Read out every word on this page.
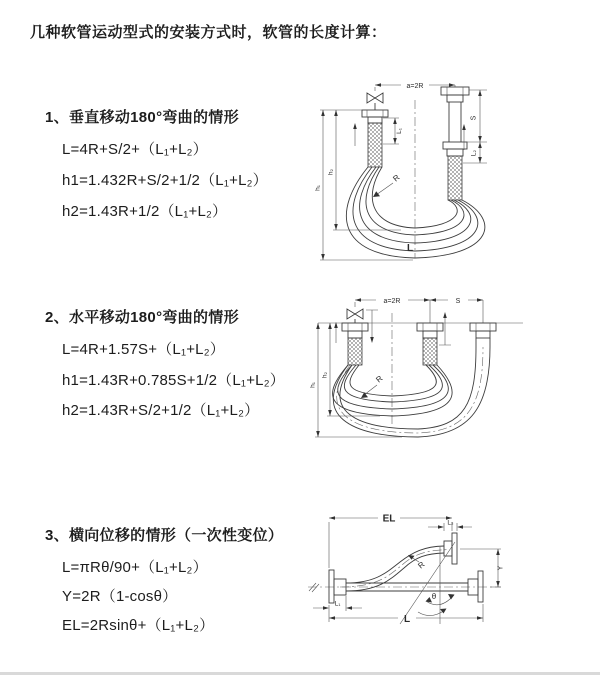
几种软管运动型式的安装方式时，软管的长度计算：
1、垂直移动180°弯曲的情形
L=4R+S/2+（L₁+L₂）
h1=1.432R+S/2+1/2（L₁+L₂）
h2=1.43R+1/2（L₁+L₂）
2、水平移动180°弯曲的情形
L=4R+1.57S+（L₁+L₂）
h1=1.43R+0.785S+1/2（L₁+L₂）
h2=1.43R+S/2+1/2（L₁+L₂）
3、横向位移的情形（一次性变位）
L=πRθ/90+（L₁+L₂）
Y=2R（1-cosθ）
EL=2Rsinθ+（L₁+L₂）
a=2R
S
L₂
h₁
h₂
L₁
R
L
a=2R	S
h₁
h₂	R
θ
EL	L₂
Y
L
L₁
R
